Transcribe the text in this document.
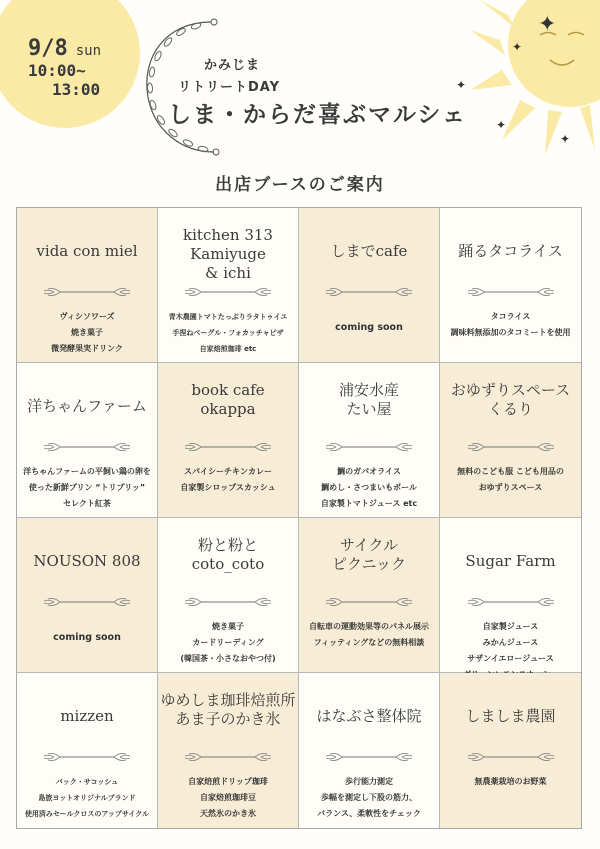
9/8 sun
10:00~
13:00
かみじま
リトリートDAY
しま・からだ喜ぶマルシェ
✦
✦
✦
✦
✦
出店ブースのご案内
vida con miel
ヴィシソワーズ
焼き菓子
微発酵果実ドリンク
kitchen 313
Kamiyuge
& ichi
青木農園トマトたっぷりラタトゥイユ
手捏ねベーグル・フォカッチャピザ
自家焙煎珈琲 etc
しまでcafe
coming soon
踊るタコライス
タコライス
調味料無添加のタコミートを使用
洋ちゃんファーム
洋ちゃんファームの平飼い鶏の卵を
使った新鮮プリン “トリプリッ”
セレクト紅茶
book cafe
okappa
スパイシーチキンカレー
自家製シロップスカッシュ
浦安水産
たい屋
鯛のガパオライス
鯛めし・さつまいもボール
自家製トマトジュース etc
おゆずりスペース
くるり
無料のこども服 こども用品の
おゆずりスペース
NOUSON 808
coming soon
粉と粉と
coto_coto
焼き菓子
カードリーディング
(韓国茶・小さなおやつ付)
サイクル
ピクニック
自転車の運動効果等のパネル展示
フィッティングなどの無料相談
Sugar Farm
自家製ジュース
みかんジュース
サザンイエロージュース
mizzen
バック・サコッシュ
島旅ヨットオリジナルブランド
使用済みセールクロスのアップサイクル
ゆめしま珈琲焙煎所
あま子のかき氷
自家焙煎ドリップ珈琲
自家焙煎珈琲豆
天然氷のかき氷
はなぶさ整体院
歩行能力測定
歩幅を測定し下股の筋力、
バランス、柔軟性をチェック
しましま農園
無農薬栽培のお野菜
